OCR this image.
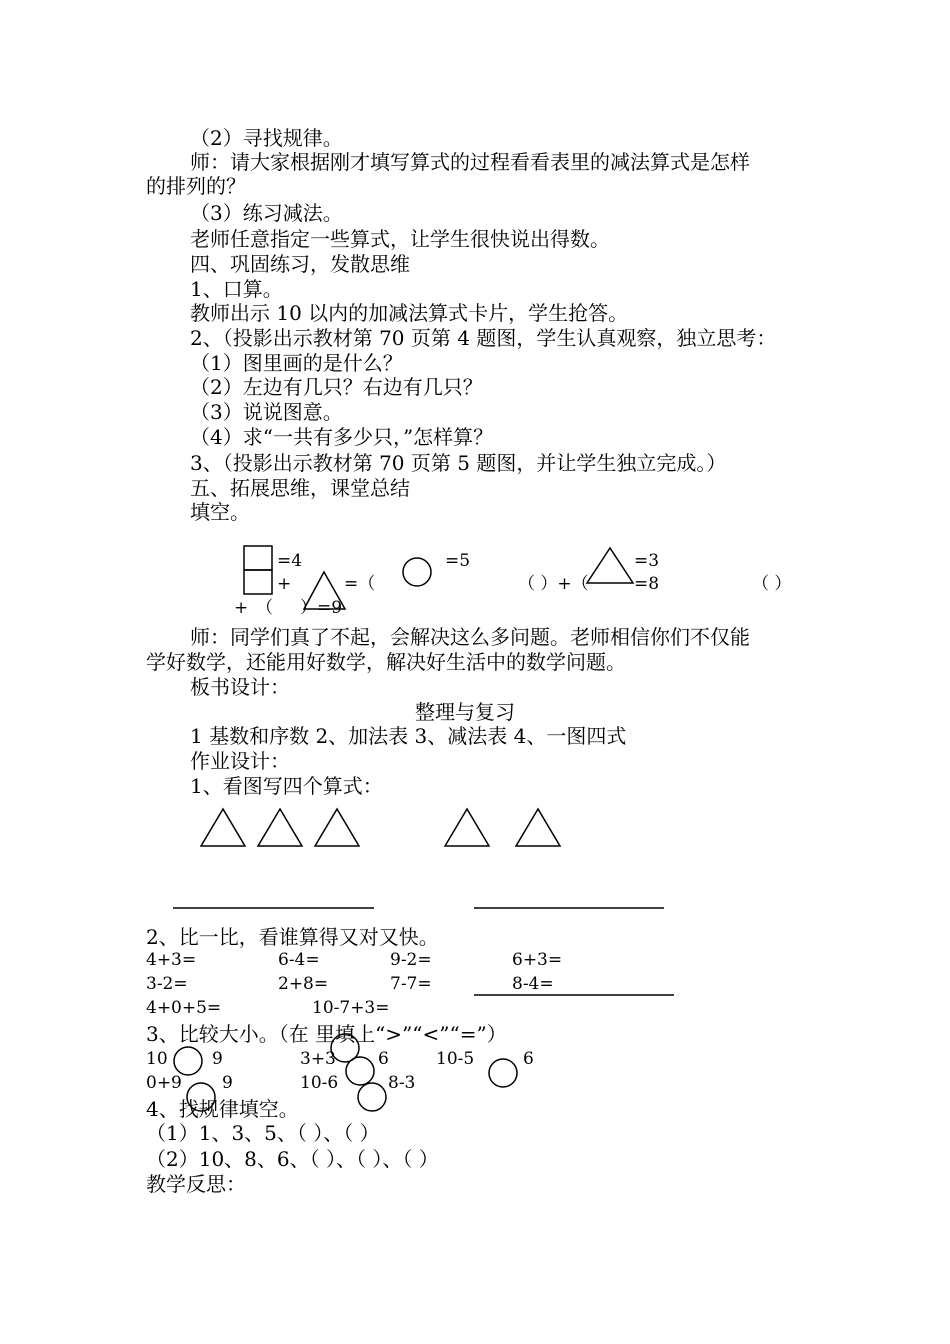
（2）寻找规律。
师：请大家根据刚才填写算式的过程看看表里的减法算式是怎样
的排列的？
（3）练习减法。
老师任意指定一些算式，让学生很快说出得数。
四、巩固练习，发散思维
1、口算。
教师出示 10 以内的加减法算式卡片，学生抢答。
2、（投影出示教材第 70 页第 4 题图，学生认真观察，独立思考：
（1）图里画的是什么？
（2）左边有几只？右边有几只？
（3）说说图意。
（4）求“一共有多少只，”怎样算？
3、（投影出示教材第 70 页第 5 题图，并让学生独立完成。）
五、拓展思维，课堂总结
填空。
=4
+	=（
=5
（ ）+（
=3
=8	（ ）
+ （ ）=9
师：同学们真了不起，会解决这么多问题。老师相信你们不仅能
学好数学，还能用好数学，解决好生活中的数学问题。
板书设计：
整理与复习
1 基数和序数 2、加法表 3、减法表 4、一图四式
作业设计：
1、看图写四个算式：
2、比一比，看谁算得又对又快。
4+3=	6-4=	9-2=	6+3=
3-2=	2+8=	7-7=	8-4=
4+0+5=	10-7+3=
3、比较大小。（在 里填上“>”“<”“=”）
10	9	3+3 6	10-5	6
0+9 9	10-6	8-3
4、找规律填空。
（1）1、3、5、（ ）、（ ）
（2）10、8、6、（ ）、（ ）、（ ）
教学反思：
